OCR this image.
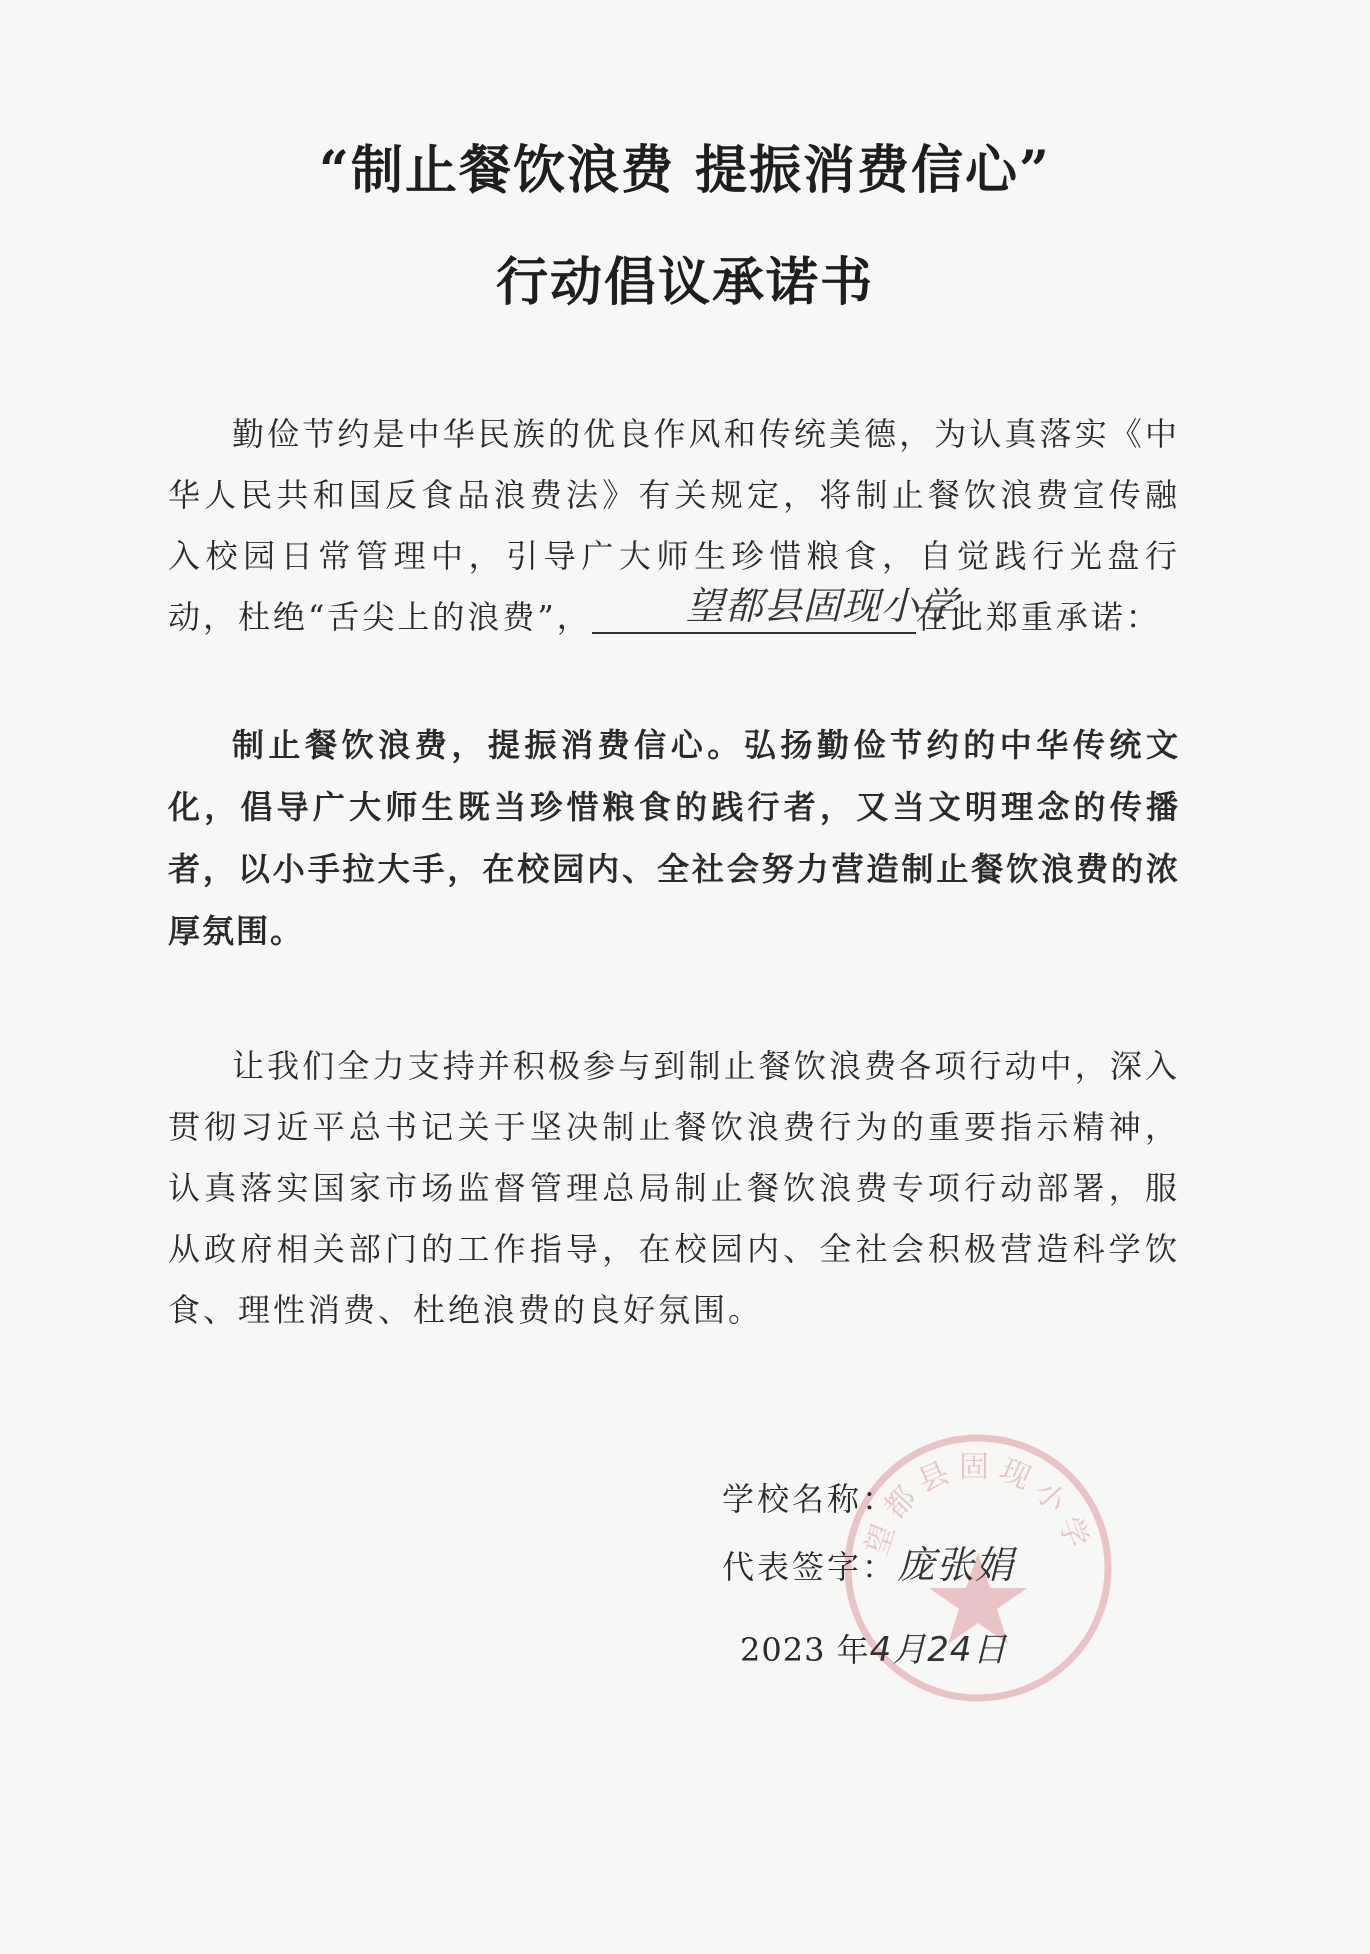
“制止餐饮浪费 提振消费信心”
行动倡议承诺书

勤俭节约是中华民族的优良作风和传统美德，为认真落实《中华人民共和国反食品浪费法》有关规定，将制止餐饮浪费宣传融入校园日常管理中，引导广大师生珍惜粮食，自觉践行光盘行动，杜绝“舌尖上的浪费”，	望都县固现小学
在此郑重承诺：

制止餐饮浪费，提振消费信心。弘扬勤俭节约的中华传统文化，倡导广大师生既当珍惜粮食的践行者，又当文明理念的传播者，以小手拉大手，在校园内、全社会努力营造制止餐饮浪费的浓厚氛围。

让我们全力支持并积极参与到制止餐饮浪费各项行动中，深入贯彻习近平总书记关于坚决制止餐饮浪费行为的重要指示精神，认真落实国家市场监督管理总局制止餐饮浪费专项行动部署，服从政府相关部门的工作指导，在校园内、全社会积极营造科学饮食、理性消费、杜绝浪费的良好氛围。

望都县固现小学
学校名称：
代表签字：庞张娟
2023 年4月24日
